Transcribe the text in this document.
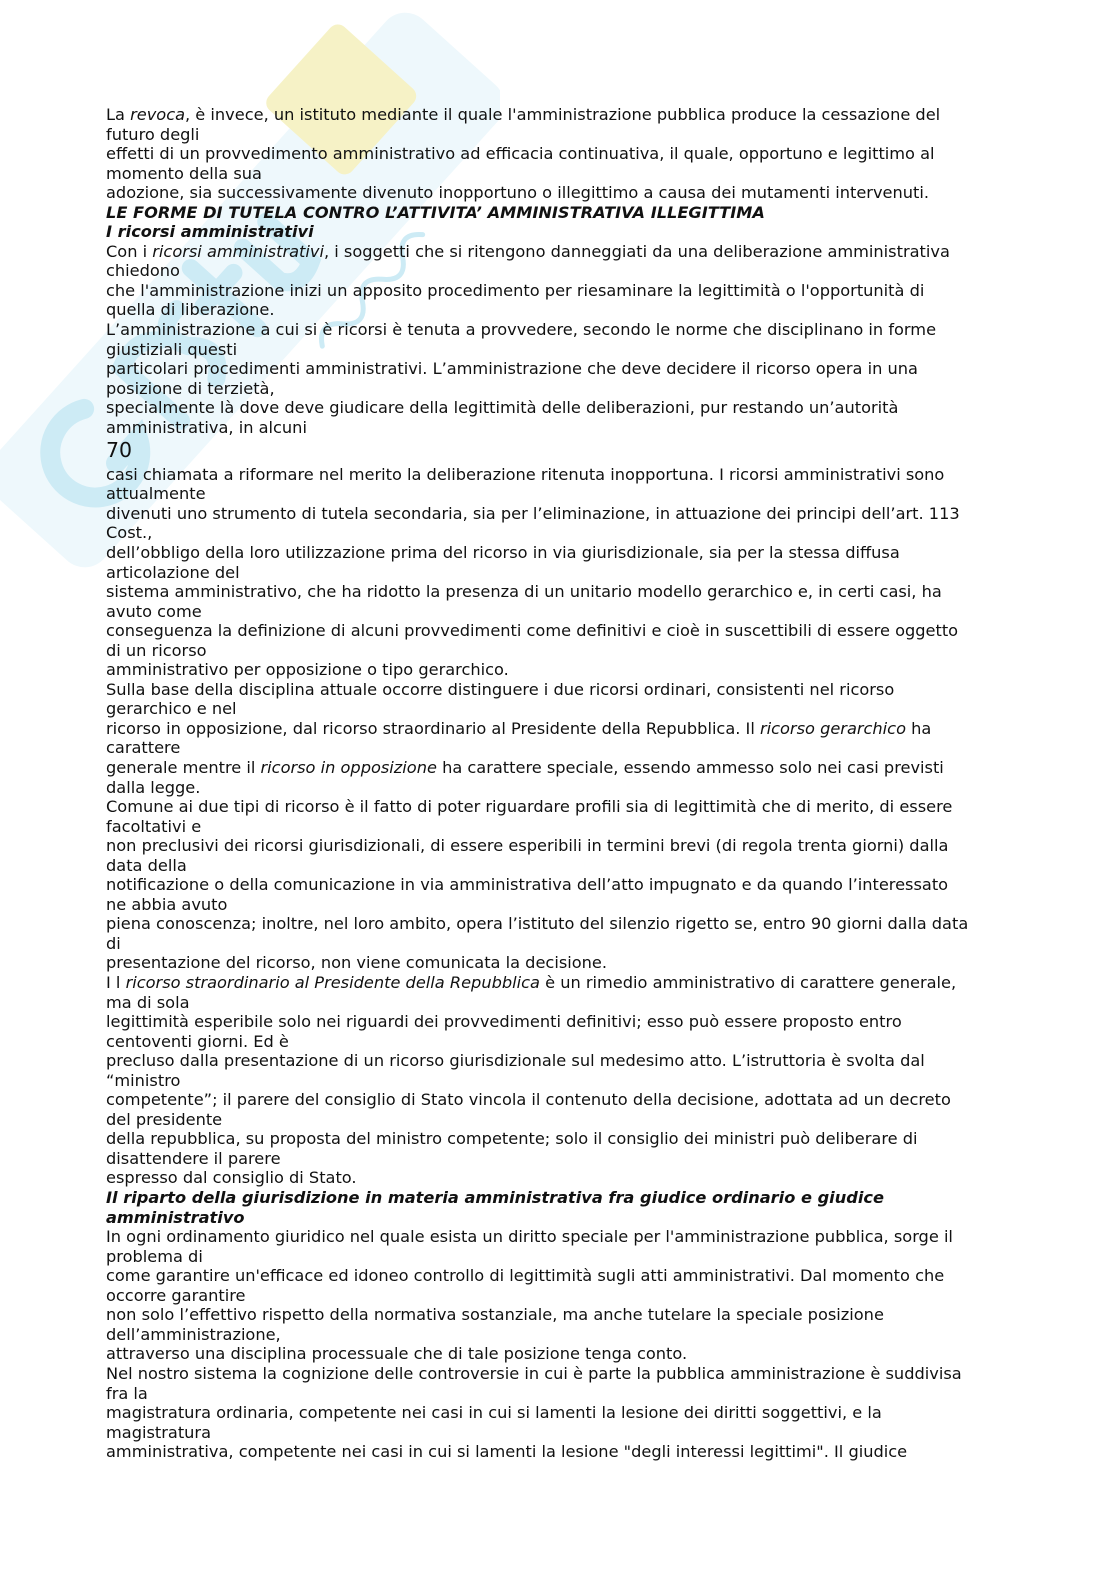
La revoca, è invece, un istituto mediante il quale l'amministrazione pubblica produce la cessazione del
futuro degli
effetti di un provvedimento amministrativo ad efficacia continuativa, il quale, opportuno e legittimo al
momento della sua
adozione, sia successivamente divenuto inopportuno o illegittimo a causa dei mutamenti intervenuti.
LE FORME DI TUTELA CONTRO L’ATTIVITA’ AMMINISTRATIVA ILLEGITTIMA
I ricorsi amministrativi
Con i ricorsi amministrativi, i soggetti che si ritengono danneggiati da una deliberazione amministrativa
chiedono
che l'amministrazione inizi un apposito procedimento per riesaminare la legittimità o l'opportunità di
quella di liberazione.
L’amministrazione a cui si è ricorsi è tenuta a provvedere, secondo le norme che disciplinano in forme
giustiziali questi
particolari procedimenti amministrativi. L’amministrazione che deve decidere il ricorso opera in una
posizione di terzietà,
specialmente là dove deve giudicare della legittimità delle deliberazioni, pur restando un’autorità
amministrativa, in alcuni
70
casi chiamata a riformare nel merito la deliberazione ritenuta inopportuna. I ricorsi amministrativi sono
attualmente
divenuti uno strumento di tutela secondaria, sia per l’eliminazione, in attuazione dei principi dell’art. 113
Cost.,
dell’obbligo della loro utilizzazione prima del ricorso in via giurisdizionale, sia per la stessa diffusa
articolazione del
sistema amministrativo, che ha ridotto la presenza di un unitario modello gerarchico e, in certi casi, ha
avuto come
conseguenza la definizione di alcuni provvedimenti come definitivi e cioè in suscettibili di essere oggetto
di un ricorso
amministrativo per opposizione o tipo gerarchico.
Sulla base della disciplina attuale occorre distinguere i due ricorsi ordinari, consistenti nel ricorso
gerarchico e nel
ricorso in opposizione, dal ricorso straordinario al Presidente della Repubblica. Il ricorso gerarchico ha
carattere
generale mentre il ricorso in opposizione ha carattere speciale, essendo ammesso solo nei casi previsti
dalla legge.
Comune ai due tipi di ricorso è il fatto di poter riguardare profili sia di legittimità che di merito, di essere
facoltativi e
non preclusivi dei ricorsi giurisdizionali, di essere esperibili in termini brevi (di regola trenta giorni) dalla
data della
notificazione o della comunicazione in via amministrativa dell’atto impugnato e da quando l’interessato
ne abbia avuto
piena conoscenza; inoltre, nel loro ambito, opera l’istituto del silenzio rigetto se, entro 90 giorni dalla data
di
presentazione del ricorso, non viene comunicata la decisione.
I l ricorso straordinario al Presidente della Repubblica è un rimedio amministrativo di carattere generale,
ma di sola
legittimità esperibile solo nei riguardi dei provvedimenti definitivi; esso può essere proposto entro
centoventi giorni. Ed è
precluso dalla presentazione di un ricorso giurisdizionale sul medesimo atto. L’istruttoria è svolta dal
“ministro
competente”; il parere del consiglio di Stato vincola il contenuto della decisione, adottata ad un decreto
del presidente
della repubblica, su proposta del ministro competente; solo il consiglio dei ministri può deliberare di
disattendere il parere
espresso dal consiglio di Stato.
Il riparto della giurisdizione in materia amministrativa fra giudice ordinario e giudice
amministrativo
In ogni ordinamento giuridico nel quale esista un diritto speciale per l'amministrazione pubblica, sorge il
problema di
come garantire un'efficace ed idoneo controllo di legittimità sugli atti amministrativi. Dal momento che
occorre garantire
non solo l’effettivo rispetto della normativa sostanziale, ma anche tutelare la speciale posizione
dell’amministrazione,
attraverso una disciplina processuale che di tale posizione tenga conto.
Nel nostro sistema la cognizione delle controversie in cui è parte la pubblica amministrazione è suddivisa
fra la
magistratura ordinaria, competente nei casi in cui si lamenti la lesione dei diritti soggettivi, e la
magistratura
amministrativa, competente nei casi in cui si lamenti la lesione "degli interessi legittimi". Il giudice
